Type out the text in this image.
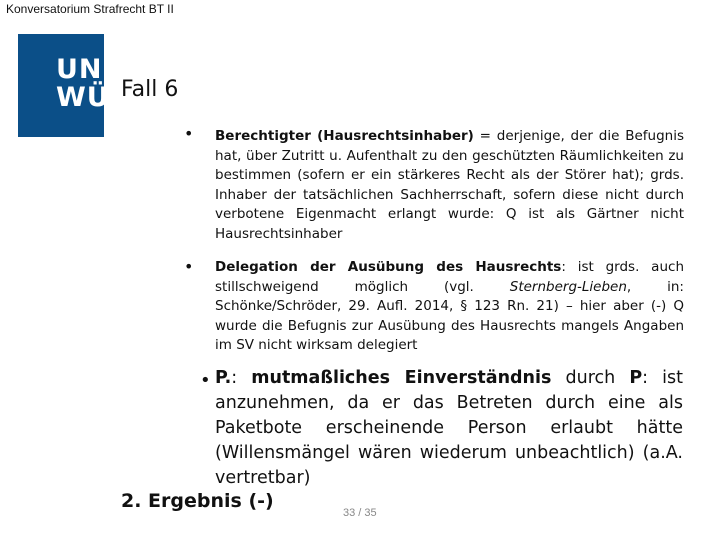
Konversatorium Strafrecht BT II
UNI
WÜ Fall 6
• Berechtigter (Hausrechtsinhaber) = derjenige, der die Befugnis hat, über Zutritt u. Aufenthalt zu den geschützten Räumlichkeiten zu bestimmen (sofern er ein stärkeres Recht als der Störer hat); grds. Inhaber der tatsächlichen Sachherrschaft, sofern diese nicht durch verbotene Eigenmacht erlangt wurde: Q ist als Gärtner nicht Hausrechtsinhaber
• Delegation der Ausübung des Hausrechts: ist grds. auch stillschweigend möglich (vgl. Sternberg-Lieben, in: Schönke/Schröder, 29. Aufl. 2014, § 123 Rn. 21) – hier aber (-) Q wurde die Befugnis zur Ausübung des Hausrechts mangels Angaben im SV nicht wirksam delegiert
• P.: mutmaßliches Einverständnis durch P: ist anzunehmen, da er das Betreten durch eine als Paketbote erscheinende Person erlaubt hätte (Willensmängel wären wiederum unbeachtlich) (a.A. vertretbar)
2. Ergebnis (-)
33 / 35
